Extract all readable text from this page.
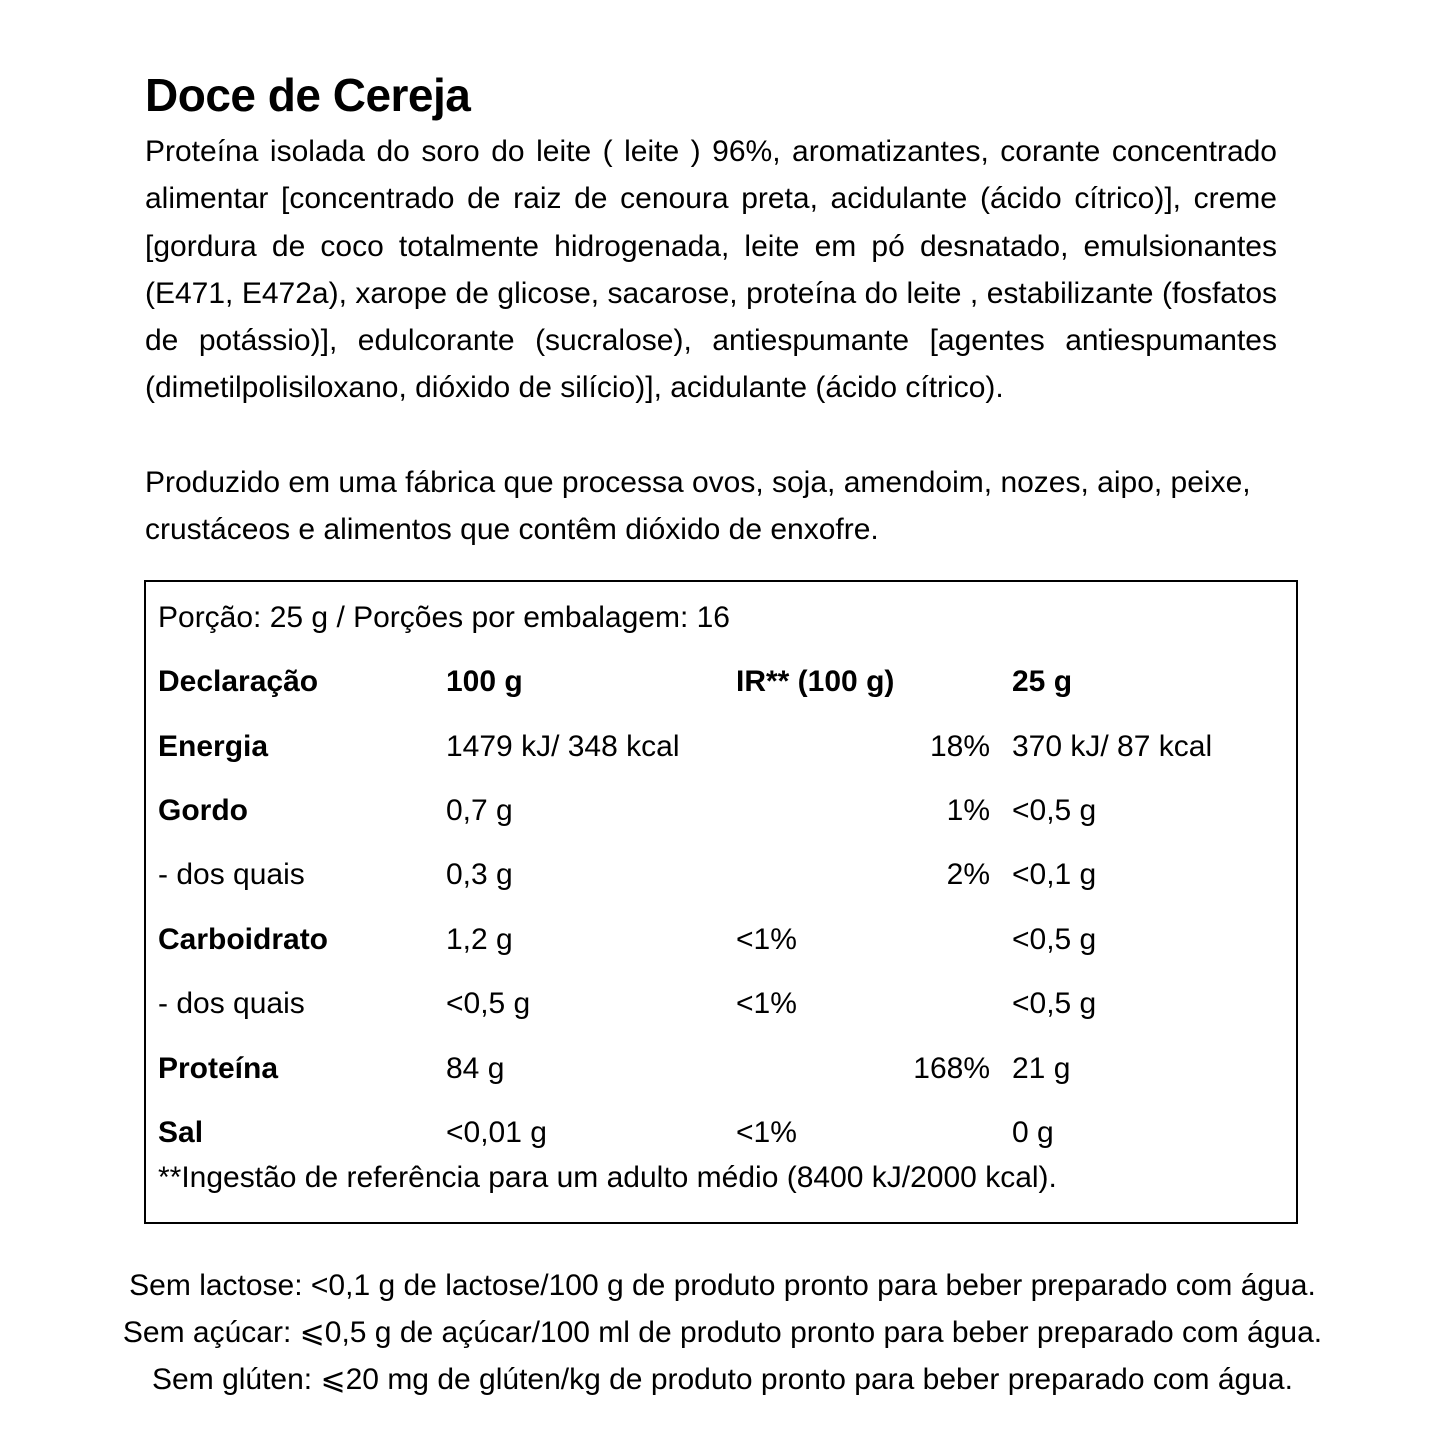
Doce de Cereja

Proteína isolada do soro do leite ( leite ) 96%, aromatizantes, corante concentrado alimentar [concentrado de raiz de cenoura preta, acidulante (ácido cítrico)], creme [gordura de coco totalmente hidrogenada, leite em pó desnatado, emulsionantes (E471, E472a), xarope de glicose, sacarose, proteína do leite , estabilizante (fosfatos de potássio)], edulcorante (sucralose), antiespumante [agentes antiespumantes (dimetilpolisiloxano, dióxido de silício)], acidulante (ácido cítrico).

Produzido em uma fábrica que processa ovos, soja, amendoim, nozes, aipo, peixe, crustáceos e alimentos que contêm dióxido de enxofre.

Porção: 25 g / Porções por embalagem: 16
Declaração	100 g	IR** (100 g)	25 g
Energia	1479 kJ/ 348 kcal	18%	370 kJ/ 87 kcal
Gordo	0,7 g	1%	<0,5 g
- dos quais	0,3 g	2%	<0,1 g
Carboidrato	1,2 g	<1%	<0,5 g
- dos quais	<0,5 g	<1%	<0,5 g
Proteína	84 g	168%	21 g
Sal	<0,01 g	<1%	0 g
**Ingestão de referência para um adulto médio (8400 kJ/2000 kcal).
Sem lactose: <0,1 g de lactose/100 g de produto pronto para beber preparado com água.
Sem açúcar: ⩽0,5 g de açúcar/100 ml de produto pronto para beber preparado com água.
Sem glúten: ⩽20 mg de glúten/kg de produto pronto para beber preparado com água.
